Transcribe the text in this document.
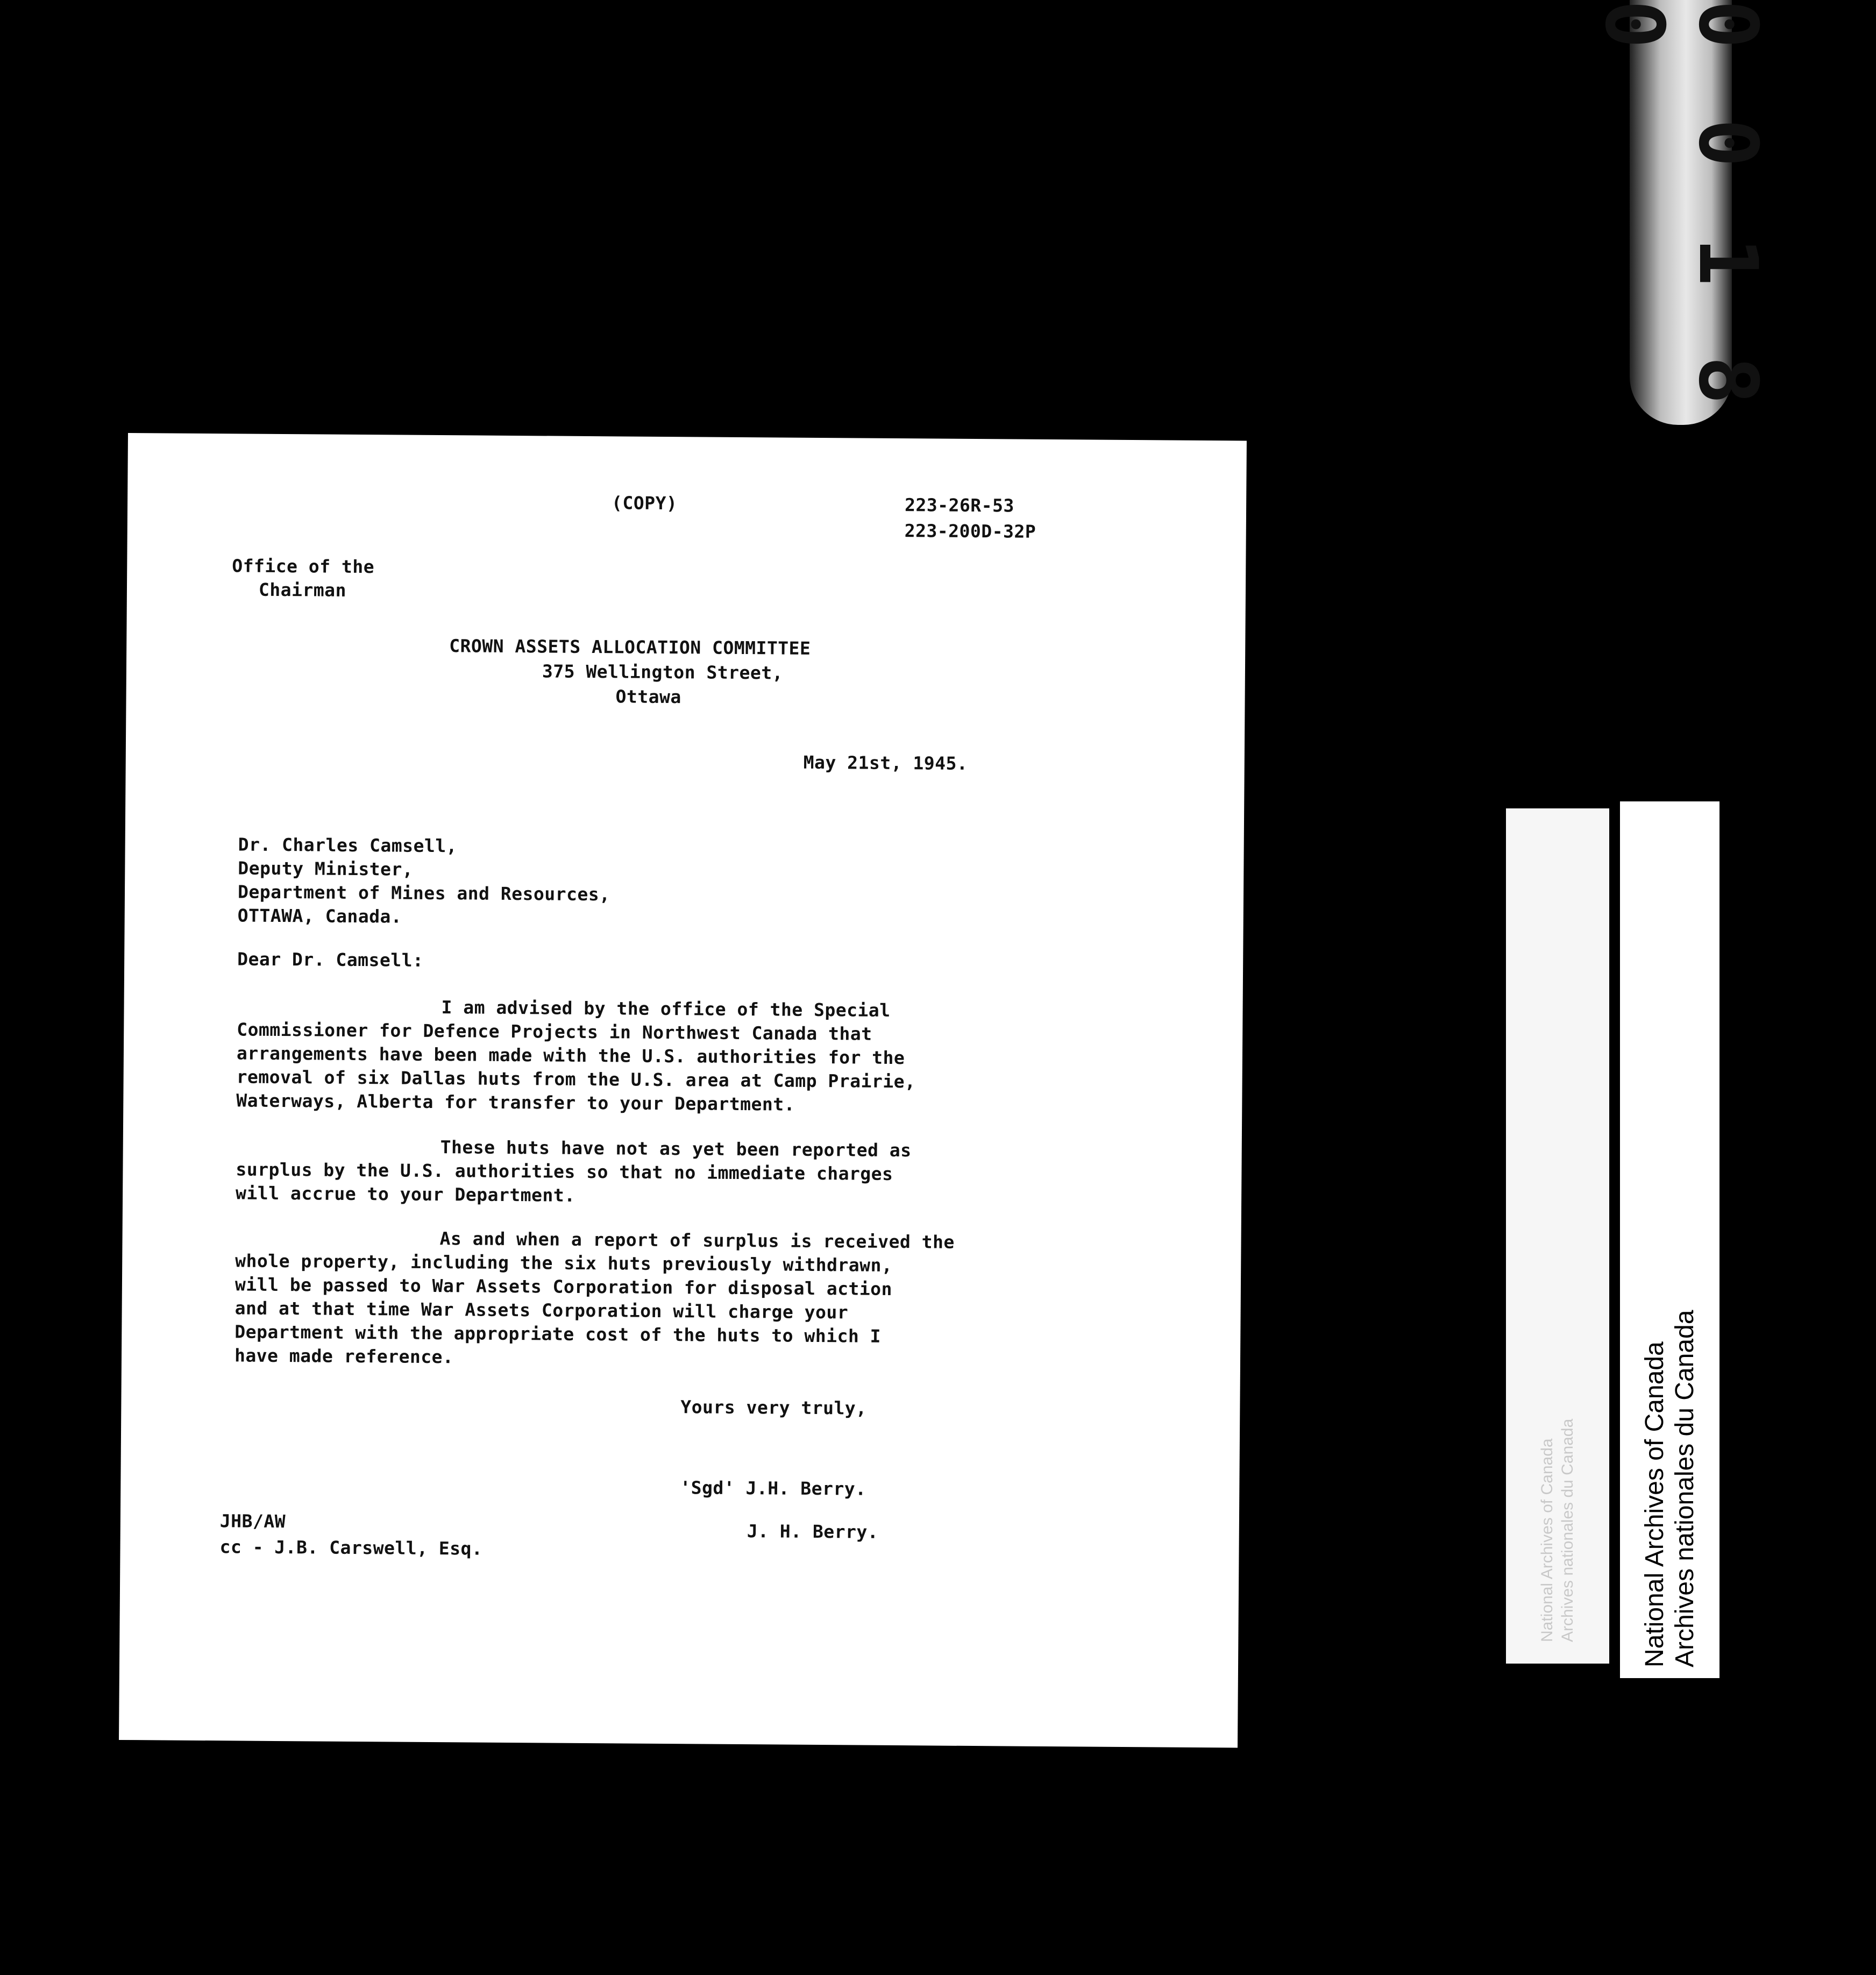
0 0 1 8 0
(COPY)	223-26R-53
223-200D-32P
Office of the
Chairman
CROWN ASSETS ALLOCATION COMMITTEE
375 Wellington Street,
Ottawa
May 21st, 1945.
Dr. Charles Camsell,
Deputy Minister,
Department of Mines and Resources,
OTTAWA, Canada.
Dear Dr. Camsell:
I am advised by the office of the Special
Commissioner for Defence Projects in Northwest Canada that
arrangements have been made with the U.S. authorities for the
removal of six Dallas huts from the U.S. area at Camp Prairie,
Waterways, Alberta for transfer to your Department.
These huts have not as yet been reported as
surplus by the U.S. authorities so that no immediate charges
will accrue to your Department.
As and when a report of surplus is received the
whole property, including the six huts previously withdrawn,
will be passed to War Assets Corporation for disposal action
and at that time War Assets Corporation will charge your
Department with the appropriate cost of the huts to which I
have made reference.
Yours very truly,
'Sgd' J.H. Berry.
J. H. Berry.
JHB/AW
cc - J.B. Carswell, Esq.	National Archives of Canada Archives nationales du Canada National Archives of Canada Archives nationales du Canada
